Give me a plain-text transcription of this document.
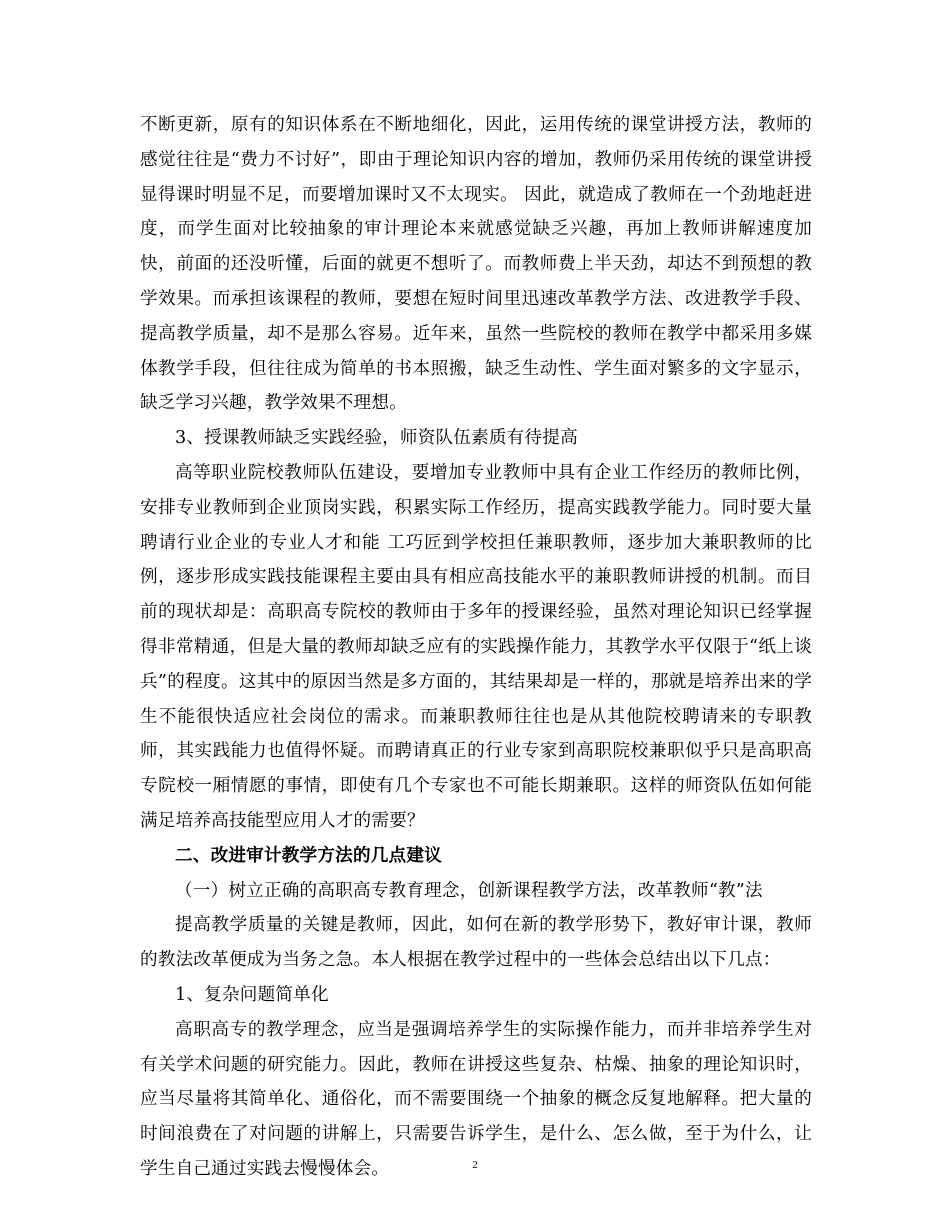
不断更新，原有的知识体系在不断地细化，因此，运用传统的课堂讲授方法，教师的感觉往往是“费力不讨好”，即由于理论知识内容的增加，教师仍采用传统的课堂讲授显得课时明显不足，而要增加课时又不太现实。 因此，就造成了教师在一个劲地赶进度，而学生面对比较抽象的审计理论本来就感觉缺乏兴趣，再加上教师讲解速度加快，前面的还没听懂，后面的就更不想听了。而教师费上半天劲，却达不到预想的教学效果。而承担该课程的教师，要想在短时间里迅速改革教学方法、改进教学手段、提高教学质量，却不是那么容易。近年来，虽然一些院校的教师在教学中都采用多媒体教学手段，但往往成为简单的书本照搬，缺乏生动性、学生面对繁多的文字显示，缺乏学习兴趣，教学效果不理想。

3、授课教师缺乏实践经验，师资队伍素质有待提高

高等职业院校教师队伍建设，要增加专业教师中具有企业工作经历的教师比例，安排专业教师到企业顶岗实践，积累实际工作经历，提高实践教学能力。同时要大量聘请行业企业的专业人才和能 工巧匠到学校担任兼职教师，逐步加大兼职教师的比例，逐步形成实践技能课程主要由具有相应高技能水平的兼职教师讲授的机制。而目前的现状却是：高职高专院校的教师由于多年的授课经验，虽然对理论知识已经掌握得非常精通，但是大量的教师却缺乏应有的实践操作能力，其教学水平仅限于“纸上谈兵”的程度。这其中的原因当然是多方面的，其结果却是一样的，那就是培养出来的学生不能很快适应社会岗位的需求。而兼职教师往往也是从其他院校聘请来的专职教师，其实践能力也值得怀疑。而聘请真正的行业专家到高职院校兼职似乎只是高职高专院校一厢情愿的事情，即使有几个专家也不可能长期兼职。这样的师资队伍如何能满足培养高技能型应用人才的需要？

二、改进审计教学方法的几点建议

（一）树立正确的高职高专教育理念，创新课程教学方法，改革教师“教”法

提高教学质量的关键是教师，因此，如何在新的教学形势下，教好审计课，教师的教法改革便成为当务之急。本人根据在教学过程中的一些体会总结出以下几点：

1、复杂问题简单化

高职高专的教学理念，应当是强调培养学生的实际操作能力，而并非培养学生对有关学术问题的研究能力。因此，教师在讲授这些复杂、枯燥、抽象的理论知识时，应当尽量将其简单化、通俗化，而不需要围绕一个抽象的概念反复地解释。把大量的时间浪费在了对问题的讲解上，只需要告诉学生，是什么、怎么做，至于为什么，让学生自己通过实践去慢慢体会。	2
